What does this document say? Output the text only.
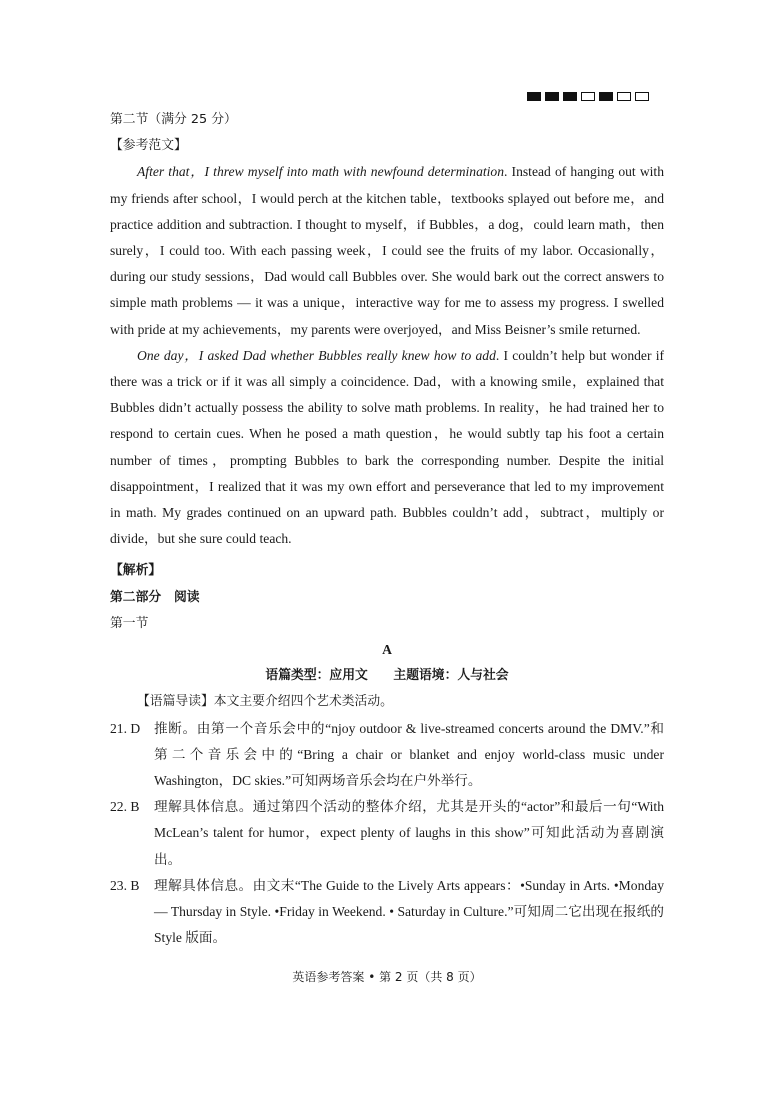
第二节（满分 25 分）
【参考范文】

After that，I threw myself into math with newfound determination. Instead of hanging out with my friends after school，I would perch at the kitchen table，textbooks splayed out before me，and practice addition and subtraction. I thought to myself，if Bubbles，a dog，could learn math，then surely，I could too. With each passing week，I could see the fruits of my labor. Occasionally，during our study sessions，Dad would call Bubbles over. She would bark out the correct answers to simple math problems — it was a unique，interactive way for me to assess my progress. I swelled with pride at my achievements，my parents were overjoyed，and Miss Beisner’s smile returned.

One day，I asked Dad whether Bubbles really knew how to add. I couldn’t help but wonder if there was a trick or if it was all simply a coincidence. Dad，with a knowing smile，explained that Bubbles didn’t actually possess the ability to solve math problems. In reality，he had trained her to respond to certain cues. When he posed a math question，he would subtly tap his foot a certain number of times，prompting Bubbles to bark the corresponding number. Despite the initial disappointment，I realized that it was my own effort and perseverance that led to my improvement in math. My grades continued on an upward path. Bubbles couldn’t add，subtract，multiply or divide，but she sure could teach.

【解析】
第二部分　阅读
第一节
A
语篇类型：应用文　　主题语境：人与社会
【语篇导读】本文主要介绍四个艺术类活动。
21. D	推断。由第一个音乐会中的“njoy outdoor & live-streamed concerts around the DMV.”和第二个音乐会中的“Bring a chair or blanket and enjoy world-class music under Washington，DC skies.”可知两场音乐会均在户外举行。
22. B	理解具体信息。通过第四个活动的整体介绍，尤其是开头的“actor”和最后一句“With McLean’s talent for humor，expect plenty of laughs in this show”可知此活动为喜剧演出。
23. B	理解具体信息。由文末“The Guide to the Lively Arts appears：•Sunday in Arts. •Monday — Thursday in Style. •Friday in Weekend. • Saturday in Culture.”可知周二它出现在报纸的 Style 版面。
英语参考答案 • 第 2 页（共 8 页）
